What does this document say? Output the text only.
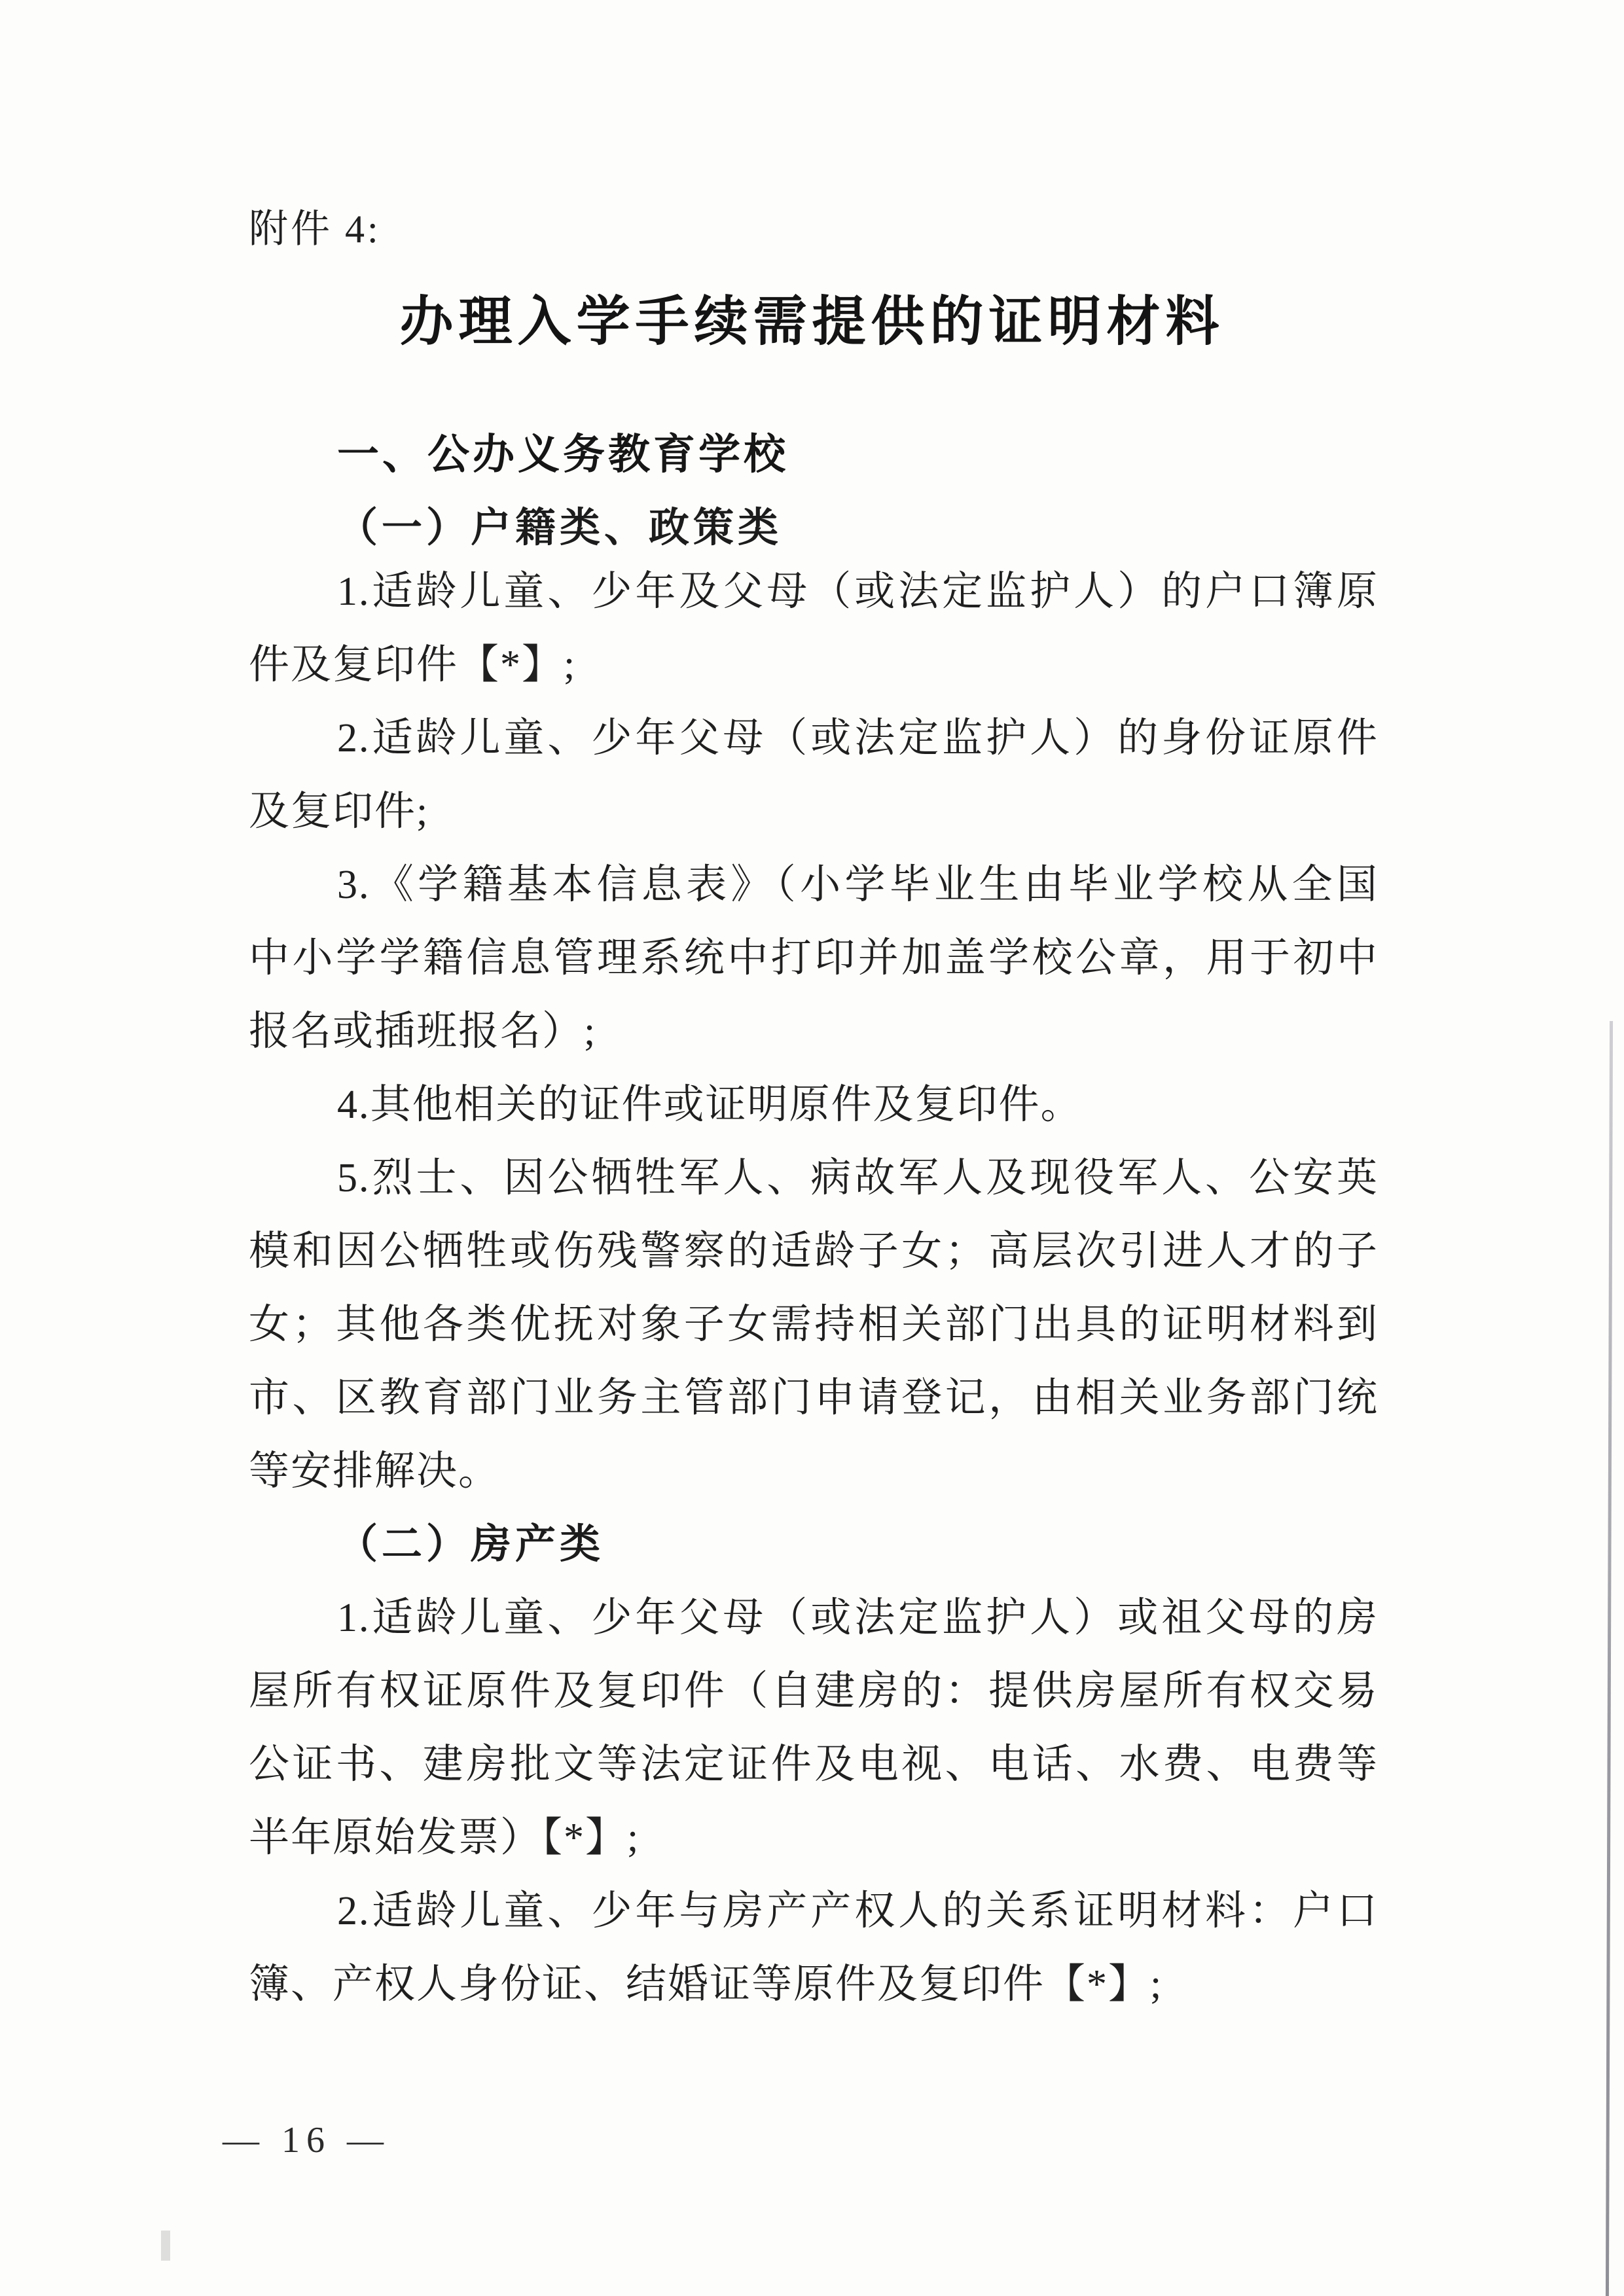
附件 4:
办理入学手续需提供的证明材料
一、公办义务教育学校
（一）户籍类、政策类
1.适龄儿童、少年及父母（或法定监护人）的户口簿原
件及复印件【*】;
2.适龄儿童、少年父母（或法定监护人）的身份证原件
及复印件;
3.《学籍基本信息表》（小学毕业生由毕业学校从全国
中小学学籍信息管理系统中打印并加盖学校公章，用于初中
报名或插班报名）;
4.其他相关的证件或证明原件及复印件。
5.烈士、因公牺牲军人、病故军人及现役军人、公安英
模和因公牺牲或伤残警察的适龄子女；高层次引进人才的子
女；其他各类优抚对象子女需持相关部门出具的证明材料到
市、区教育部门业务主管部门申请登记，由相关业务部门统
等安排解决。
（二）房产类
1.适龄儿童、少年父母（或法定监护人）或祖父母的房
屋所有权证原件及复印件（自建房的：提供房屋所有权交易
公证书、建房批文等法定证件及电视、电话、水费、电费等
半年原始发票）【*】;
2.适龄儿童、少年与房产产权人的关系证明材料：户口
簿、产权人身份证、结婚证等原件及复印件【*】;
— 16 —
